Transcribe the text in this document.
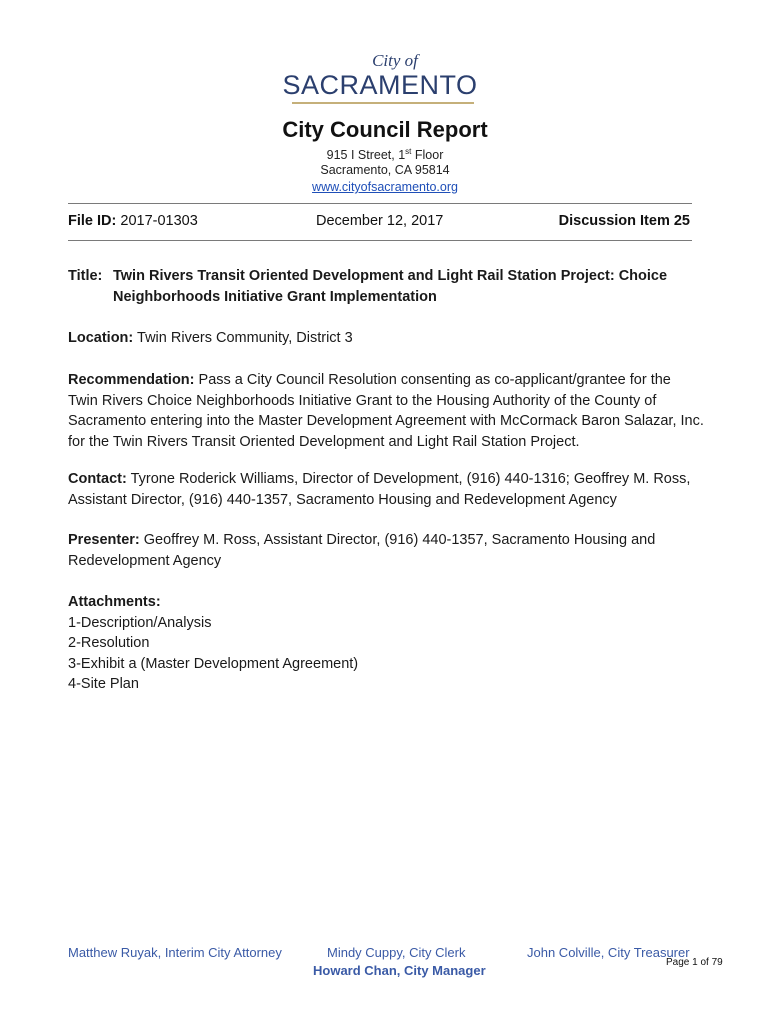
City of
SACRAMENTO
City Council Report
915 I Street, 1st Floor
Sacramento, CA 95814
www.cityofsacramento.org
File ID: 2017-01303	December 12, 2017	Discussion Item 25
Title: Twin Rivers Transit Oriented Development and Light Rail Station Project: Choice Neighborhoods Initiative Grant Implementation
Location: Twin Rivers Community, District 3
Recommendation: Pass a City Council Resolution consenting as co-applicant/grantee for the Twin Rivers Choice Neighborhoods Initiative Grant to the Housing Authority of the County of Sacramento entering into the Master Development Agreement with McCormack Baron Salazar, Inc. for the Twin Rivers Transit Oriented Development and Light Rail Station Project.
Contact: Tyrone Roderick Williams, Director of Development, (916) 440-1316; Geoffrey M. Ross, Assistant Director, (916) 440-1357, Sacramento Housing and Redevelopment Agency
Presenter: Geoffrey M. Ross, Assistant Director, (916) 440-1357, Sacramento Housing and Redevelopment Agency
Attachments:
1-Description/Analysis
2-Resolution
3-Exhibit a (Master Development Agreement)
4-Site Plan
Matthew Ruyak, Interim City Attorney	Mindy Cuppy, City Clerk	John Colville, City Treasurer
Howard Chan, City Manager
Page 1 of 79
